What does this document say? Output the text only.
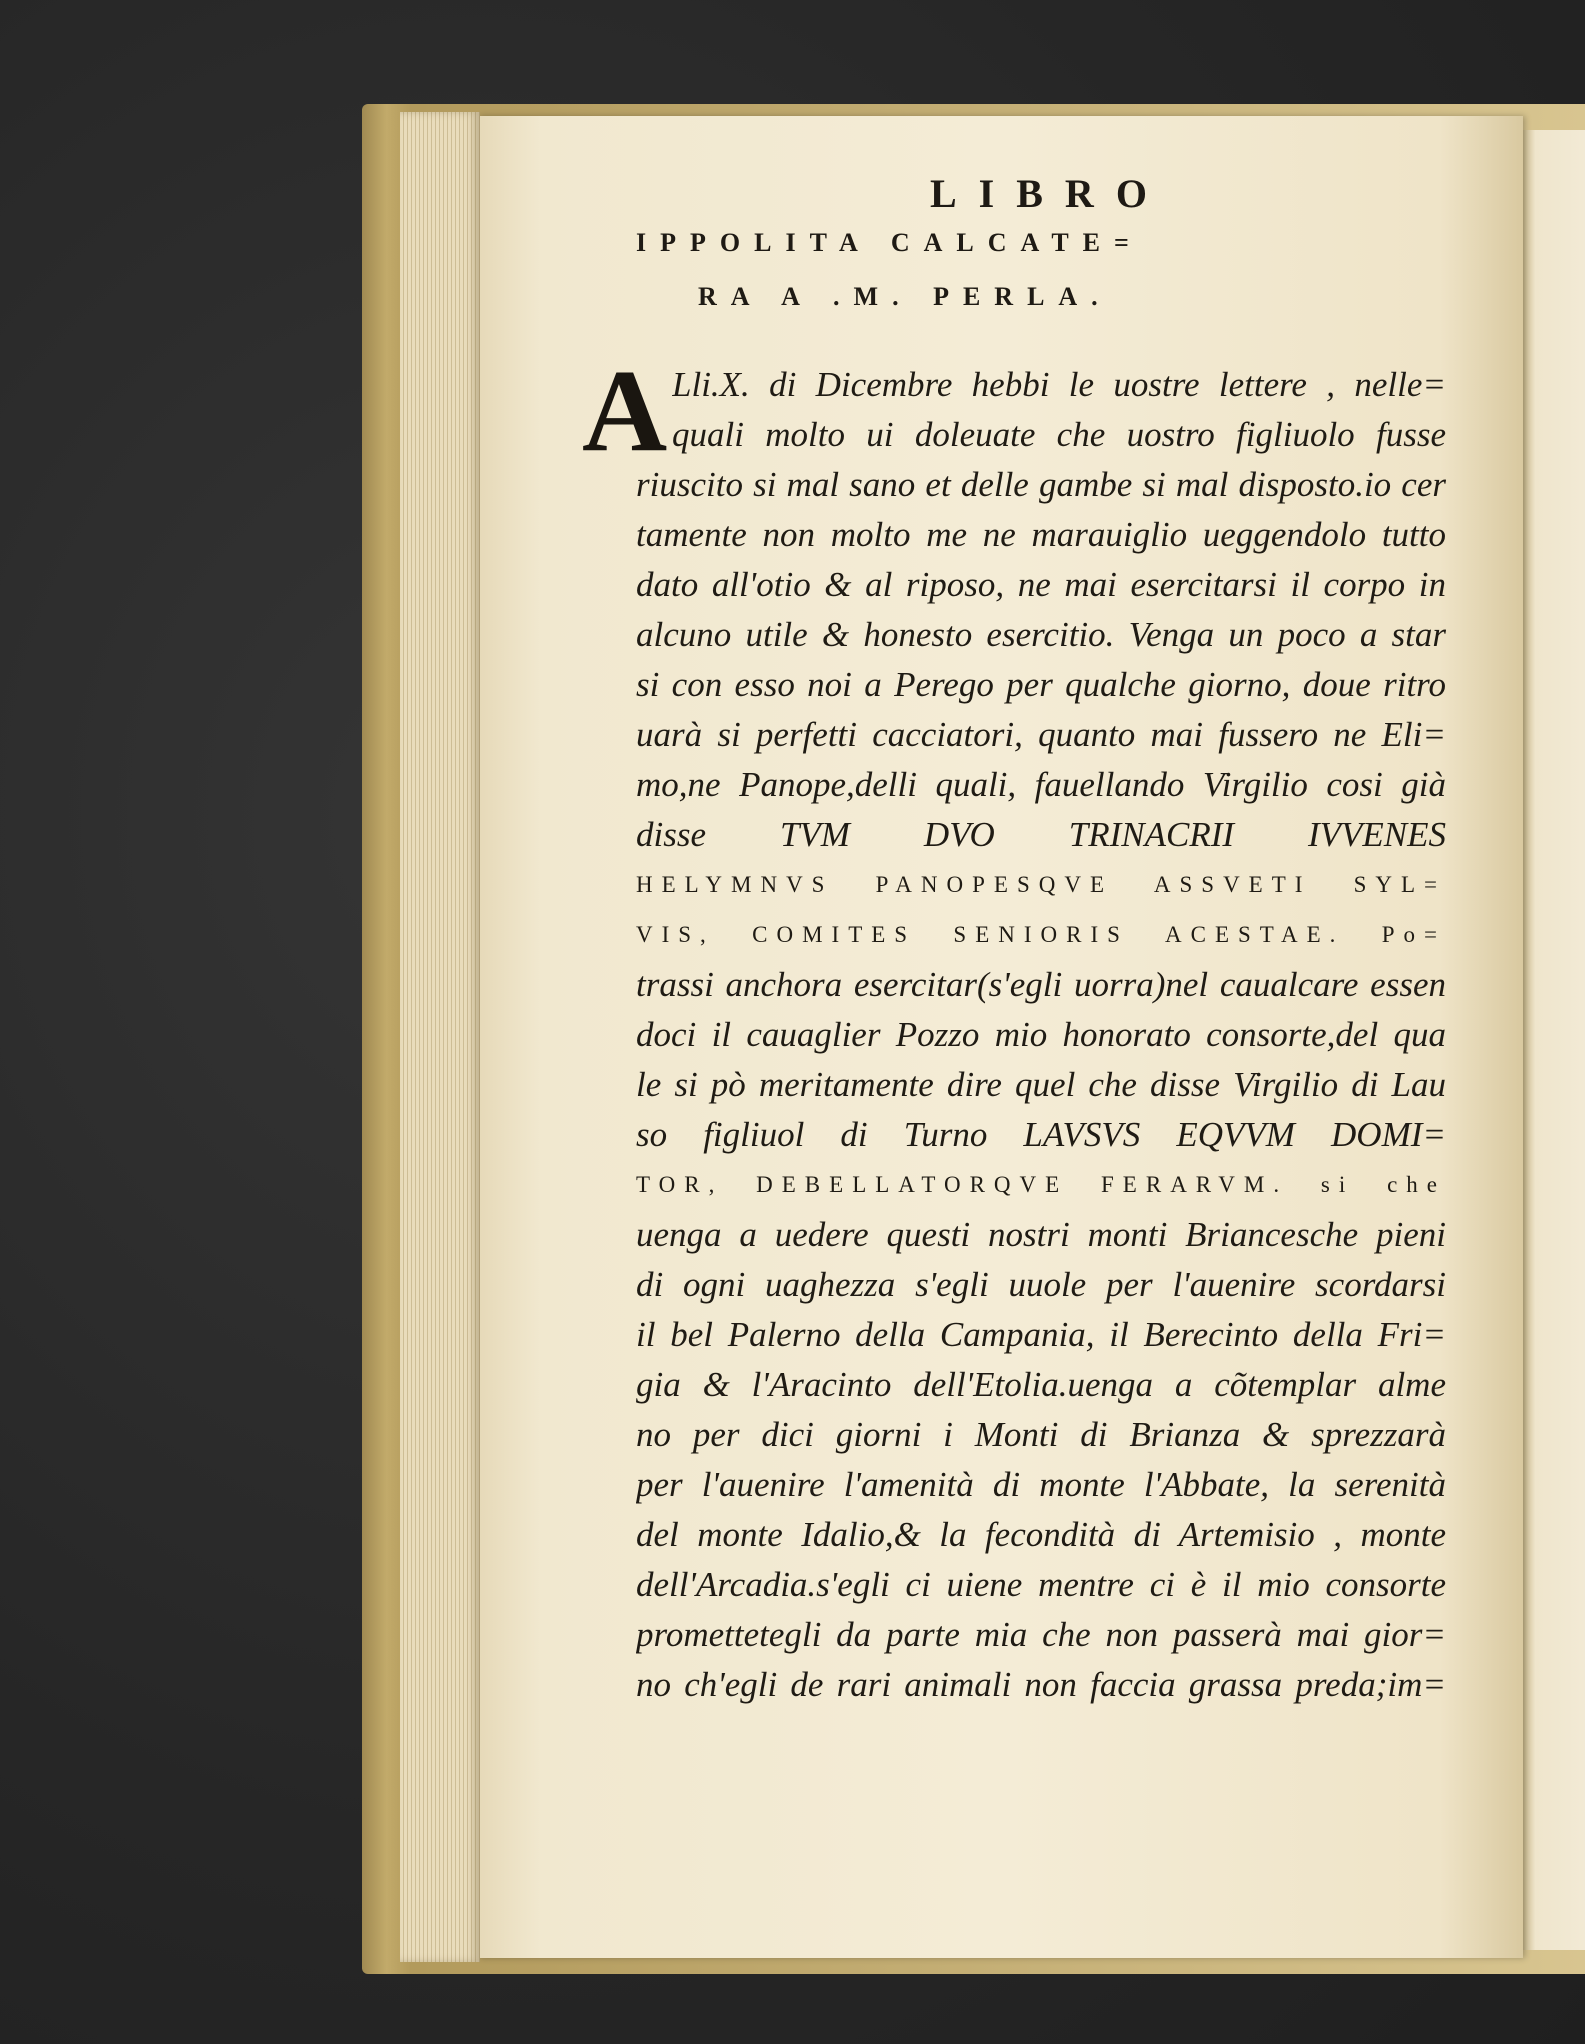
LIBRO
IPPOLITA CALCATE=
RA A .M. PERLA.
A Lli.X. di Dicembre hebbi le uostre lettere , nelle=
quali molto ui doleuate che uostro figliuolo fusse
riuscito si mal sano et delle gambe si mal disposto.io cer
tamente non molto me ne marauiglio ueggendolo tutto
dato all'otio & al riposo, ne mai esercitarsi il corpo in
alcuno utile & honesto esercitio. Venga un poco a star
si con esso noi a Perego per qualche giorno, doue ritro
uarà si perfetti cacciatori, quanto mai fussero ne Eli=
mo,ne Panope,delli quali, fauellando Virgilio cosi già
disse TVM DVO TRINACRII IVVENES
HELYMNVS PANOPESQVE ASSVETI SYL=
VIS, COMITES SENIORIS ACESTAE. Po=
trassi anchora esercitar(s'egli uorra)nel caualcare essen
doci il cauaglier Pozzo mio honorato consorte,del qua
le si pò meritamente dire quel che disse Virgilio di Lau
so figliuol di Turno LAVSVS EQVVM DOMI=
TOR, DEBELLATORQVE FERARVM. si che
uenga a uedere questi nostri monti Briancesche pieni
di ogni uaghezza s'egli uuole per l'auenire scordarsi
il bel Palerno della Campania, il Berecinto della Fri=
gia & l'Aracinto dell'Etolia.uenga a cõtemplar alme
no per dici giorni i Monti di Brianza & sprezzarà
per l'auenire l'amenità di monte l'Abbate, la serenità
del monte Idalio,& la fecondità di Artemisio , monte
dell'Arcadia.s'egli ci uiene mentre ci è il mio consorte
promettetegli da parte mia che non passerà mai gior=
no ch'egli de rari animali non faccia grassa preda;im=
